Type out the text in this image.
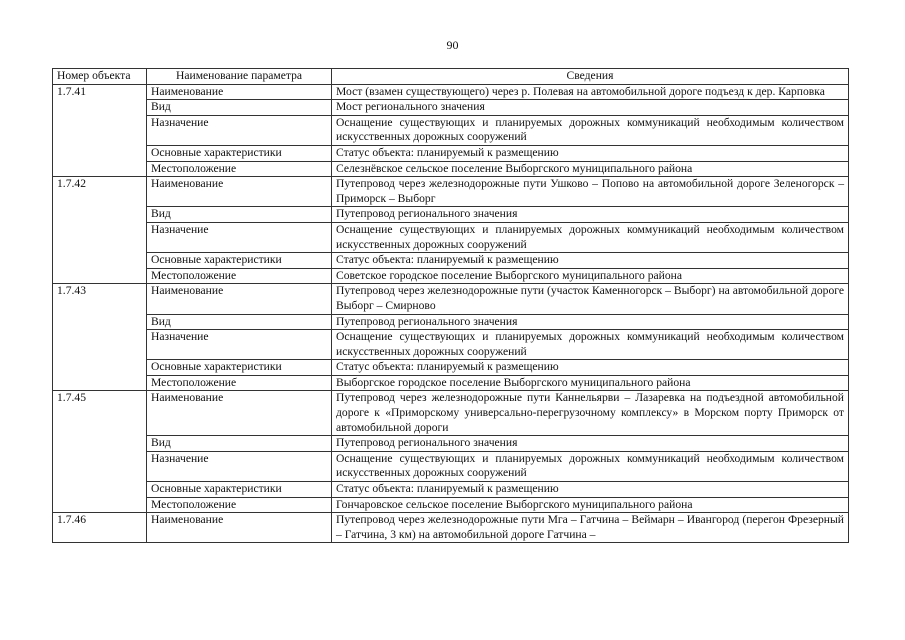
90
Номер объекта	Наименование параметра	Сведения
1.7.41	Наименование	Мост (взамен существующего) через р. Полевая на автомобильной дороге подъезд к дер. Карповка
	Вид	Мост регионального значения
	Назначение	Оснащение существующих и планируемых дорожных коммуникаций необходимым количеством искусственных дорожных сооружений
	Основные характеристики	Статус объекта: планируемый к размещению
	Местоположение	Селезнёвское сельское поселение Выборгского муниципального района
1.7.42	Наименование	Путепровод через железнодорожные пути Ушково – Попово на автомобильной дороге Зеленогорск – Приморск – Выборг
	Вид	Путепровод регионального значения
	Назначение	Оснащение существующих и планируемых дорожных коммуникаций необходимым количеством искусственных дорожных сооружений
	Основные характеристики	Статус объекта: планируемый к размещению
	Местоположение	Советское городское поселение Выборгского муниципального района
1.7.43	Наименование	Путепровод через железнодорожные пути (участок Каменногорск – Выборг) на автомобильной дороге Выборг – Смирново
	Вид	Путепровод регионального значения
	Назначение	Оснащение существующих и планируемых дорожных коммуникаций необходимым количеством искусственных дорожных сооружений
	Основные характеристики	Статус объекта: планируемый к размещению
	Местоположение	Выборгское городское поселение Выборгского муниципального района
1.7.45	Наименование	Путепровод через железнодорожные пути Каннельярви – Лазаревка на подъездной автомобильной дороге к «Приморскому универсально-перегрузочному комплексу» в Морском порту Приморск от автомобильной дороги
	Вид	Путепровод регионального значения
	Назначение	Оснащение существующих и планируемых дорожных коммуникаций необходимым количеством искусственных дорожных сооружений
	Основные характеристики	Статус объекта: планируемый к размещению
	Местоположение	Гончаровское сельское поселение Выборгского муниципального района
1.7.46	Наименование	Путепровод через железнодорожные пути Мга – Гатчина – Веймарн – Ивангород (перегон Фрезерный – Гатчина, 3 км) на автомобильной дороге Гатчина –
